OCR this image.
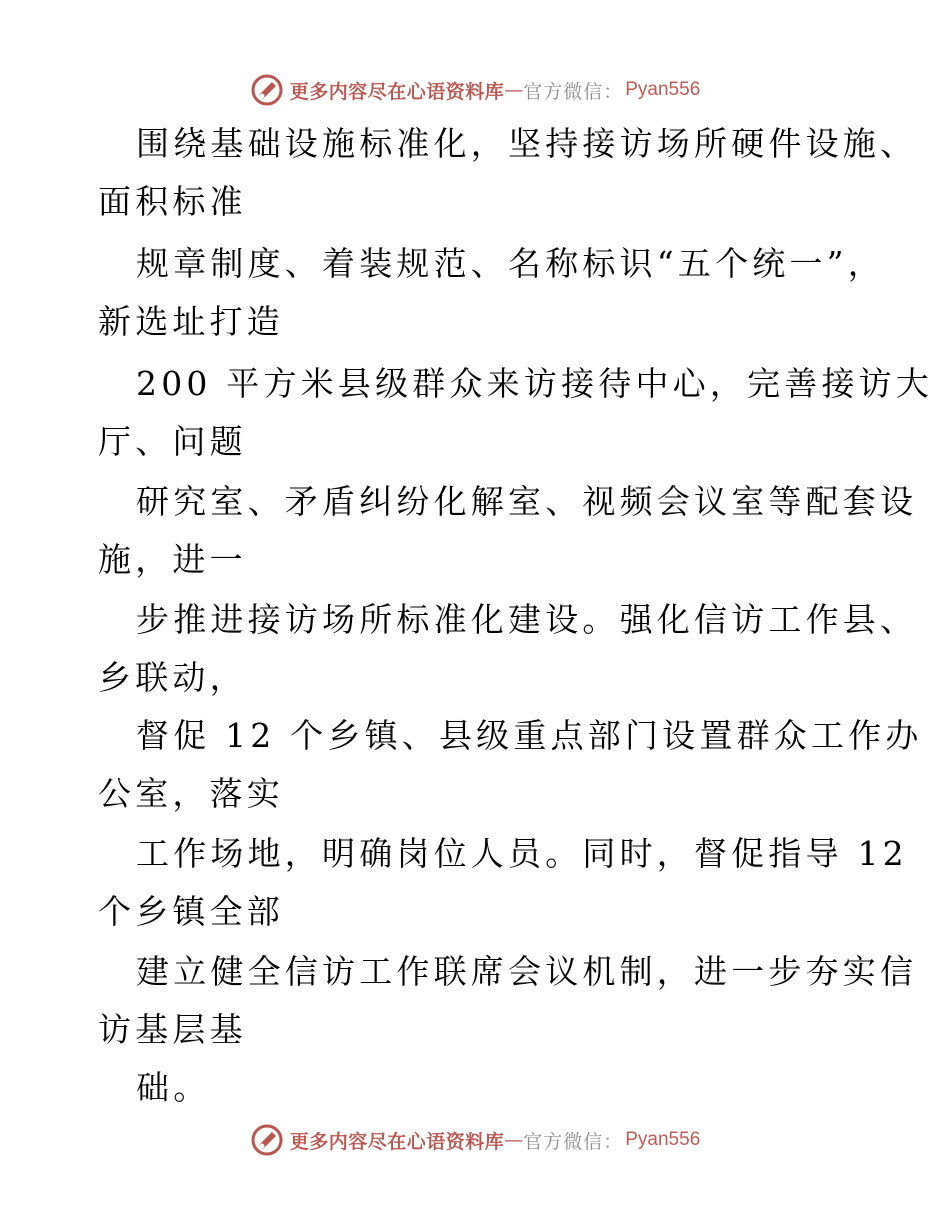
更多内容尽在心语资料库 — 官方微信： Pyan556
围绕基础设施标准化，坚持接访场所硬件设施、
面积标准
规章制度、着装规范、名称标识“五个统一”，
新选址打造
200 平方米县级群众来访接待中心，完善接访大
厅、问题
研究室、矛盾纠纷化解室、视频会议室等配套设
施，进一
步推进接访场所标准化建设。强化信访工作县、
乡联动，
督促 12 个乡镇、县级重点部门设置群众工作办
公室，落实
工作场地，明确岗位人员。同时，督促指导 12
个乡镇全部
建立健全信访工作联席会议机制，进一步夯实信
访基层基
础。
更多内容尽在心语资料库 — 官方微信： Pyan556
